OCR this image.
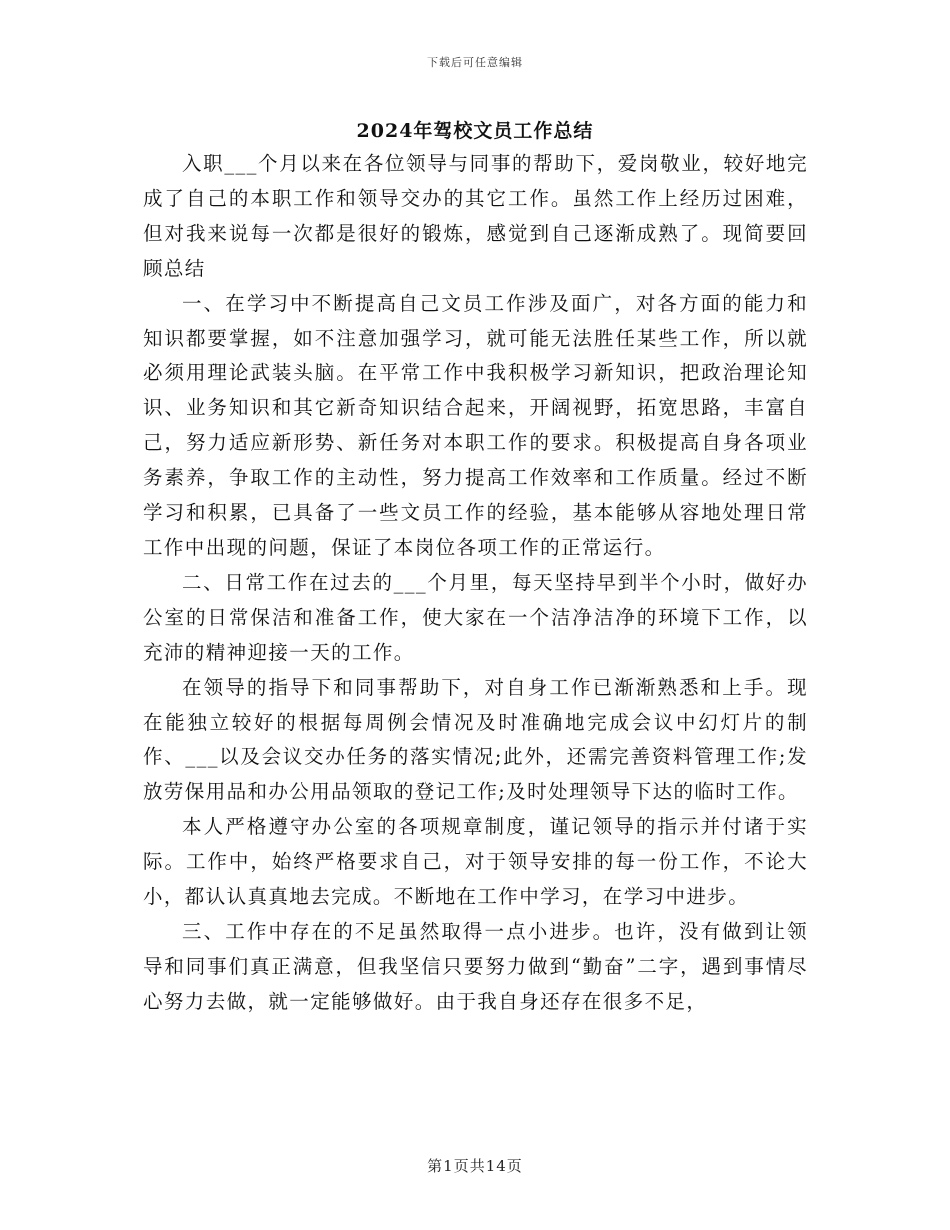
下载后可任意编辑
2024年驾校文员工作总结

入职___个月以来在各位领导与同事的帮助下，爱岗敬业，较好地完成了自己的本职工作和领导交办的其它工作。虽然工作上经历过困难，但对我来说每一次都是很好的锻炼，感觉到自己逐渐成熟了。现简要回顾总结

一、在学习中不断提高自己文员工作涉及面广，对各方面的能力和知识都要掌握，如不注意加强学习，就可能无法胜任某些工作，所以就必须用理论武装头脑。在平常工作中我积极学习新知识，把政治理论知识、业务知识和其它新奇知识结合起来，开阔视野，拓宽思路，丰富自己，努力适应新形势、新任务对本职工作的要求。积极提高自身各项业务素养，争取工作的主动性，努力提高工作效率和工作质量。经过不断学习和积累，已具备了一些文员工作的经验，基本能够从容地处理日常工作中出现的问题，保证了本岗位各项工作的正常运行。

二、日常工作在过去的___个月里，每天坚持早到半个小时，做好办公室的日常保洁和准备工作，使大家在一个洁净洁净的环境下工作，以充沛的精神迎接一天的工作。

在领导的指导下和同事帮助下，对自身工作已渐渐熟悉和上手。现在能独立较好的根据每周例会情况及时准确地完成会议中幻灯片的制作、___以及会议交办任务的落实情况;此外，还需完善资料管理工作;发放劳保用品和办公用品领取的登记工作;及时处理领导下达的临时工作。

本人严格遵守办公室的各项规章制度，谨记领导的指示并付诸于实际。工作中，始终严格要求自己，对于领导安排的每一份工作，不论大小，都认认真真地去完成。不断地在工作中学习，在学习中进步。

三、工作中存在的不足虽然取得一点小进步。也许，没有做到让领导和同事们真正满意，但我坚信只要努力做到“勤奋”二字，遇到事情尽心努力去做，就一定能够做好。由于我自身还存在很多不足，

第1页共14页
